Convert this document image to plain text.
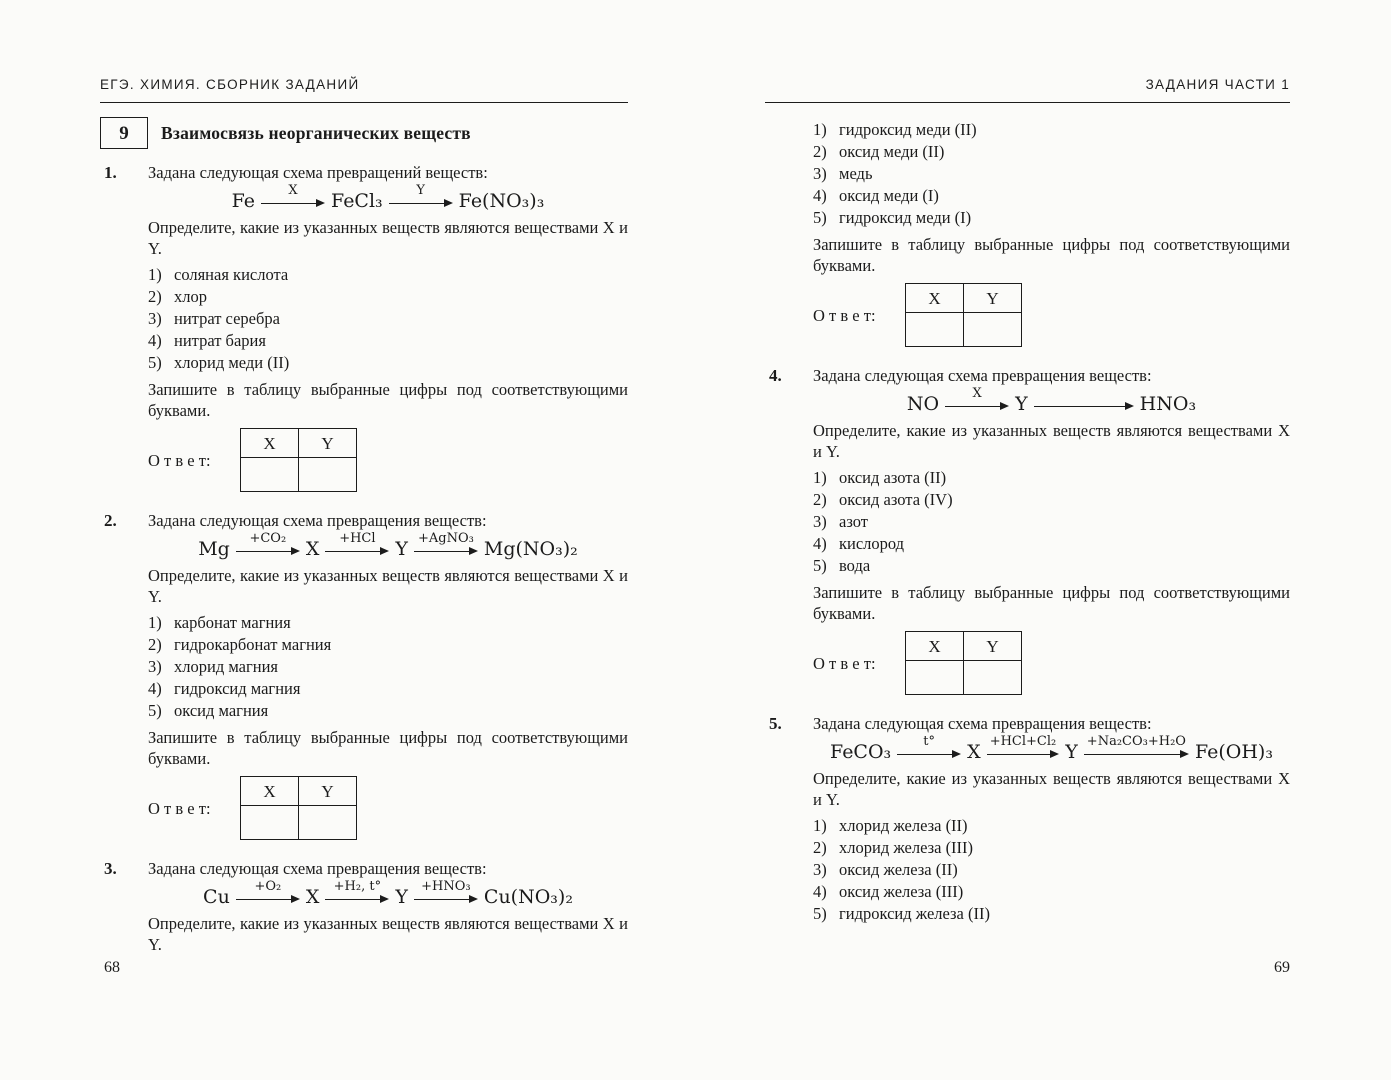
ЕГЭ. ХИМИЯ. СБОРНИК ЗАДАНИЙ
9	Взаимосвязь неорганических веществ
1.	Задана следующая схема превращений веществ:

Fe	X FeCl₃	Y Fe(NO₃)₃

Определите, какие из указанных веществ являются веществами X и Y.

1) соляная кислота
2) хлор
3) нитрат серебра
4) нитрат бария
5) хлорид меди (II)

Запишите в таблицу выбранные цифры под соответствующими буквами.

О т в е т:
X	Y

2.	Задана следующая схема превращения веществ:

Mg +CO₂ X +HCl Y +AgNO₃ Mg(NO₃)₂

Определите, какие из указанных веществ являются веществами X и Y.

1) карбонат магния
2) гидрокарбонат магния
3) хлорид магния
4) гидроксид магния
5) оксид магния

Запишите в таблицу выбранные цифры под соответствующими буквами.

О т в е т:
X	Y

3.	Задана следующая схема превращения веществ:

Cu +O₂ X +H₂, t° Y +HNO₃ Cu(NO₃)₂

Определите, какие из указанных веществ являются веществами X и Y.

68
ЗАДАНИЯ ЧАСТИ 1
1) гидроксид меди (II)
2) оксид меди (II)
3) медь
4) оксид меди (I)
5) гидроксид меди (I)

Запишите в таблицу выбранные цифры под соответствующими буквами.

О т в е т:
X	Y

4.	Задана следующая схема превращения веществ:

NO	X Y	HNO₃

Определите, какие из указанных веществ являются веществами X и Y.

1) оксид азота (II)
2) оксид азота (IV)
3) азот
4) кислород
5) вода

Запишите в таблицу выбранные цифры под соответствующими буквами.

О т в е т:
X	Y

5.	Задана следующая схема превращения веществ:

FeCO₃ t° X +HCl+Cl₂ Y +Na₂CO₃+H₂O Fe(OH)₃

Определите, какие из указанных веществ являются веществами X и Y.

1) хлорид железа (II)
2) хлорид железа (III)
3) оксид железа (II)
4) оксид железа (III)
5) гидроксид железа (II)
69
